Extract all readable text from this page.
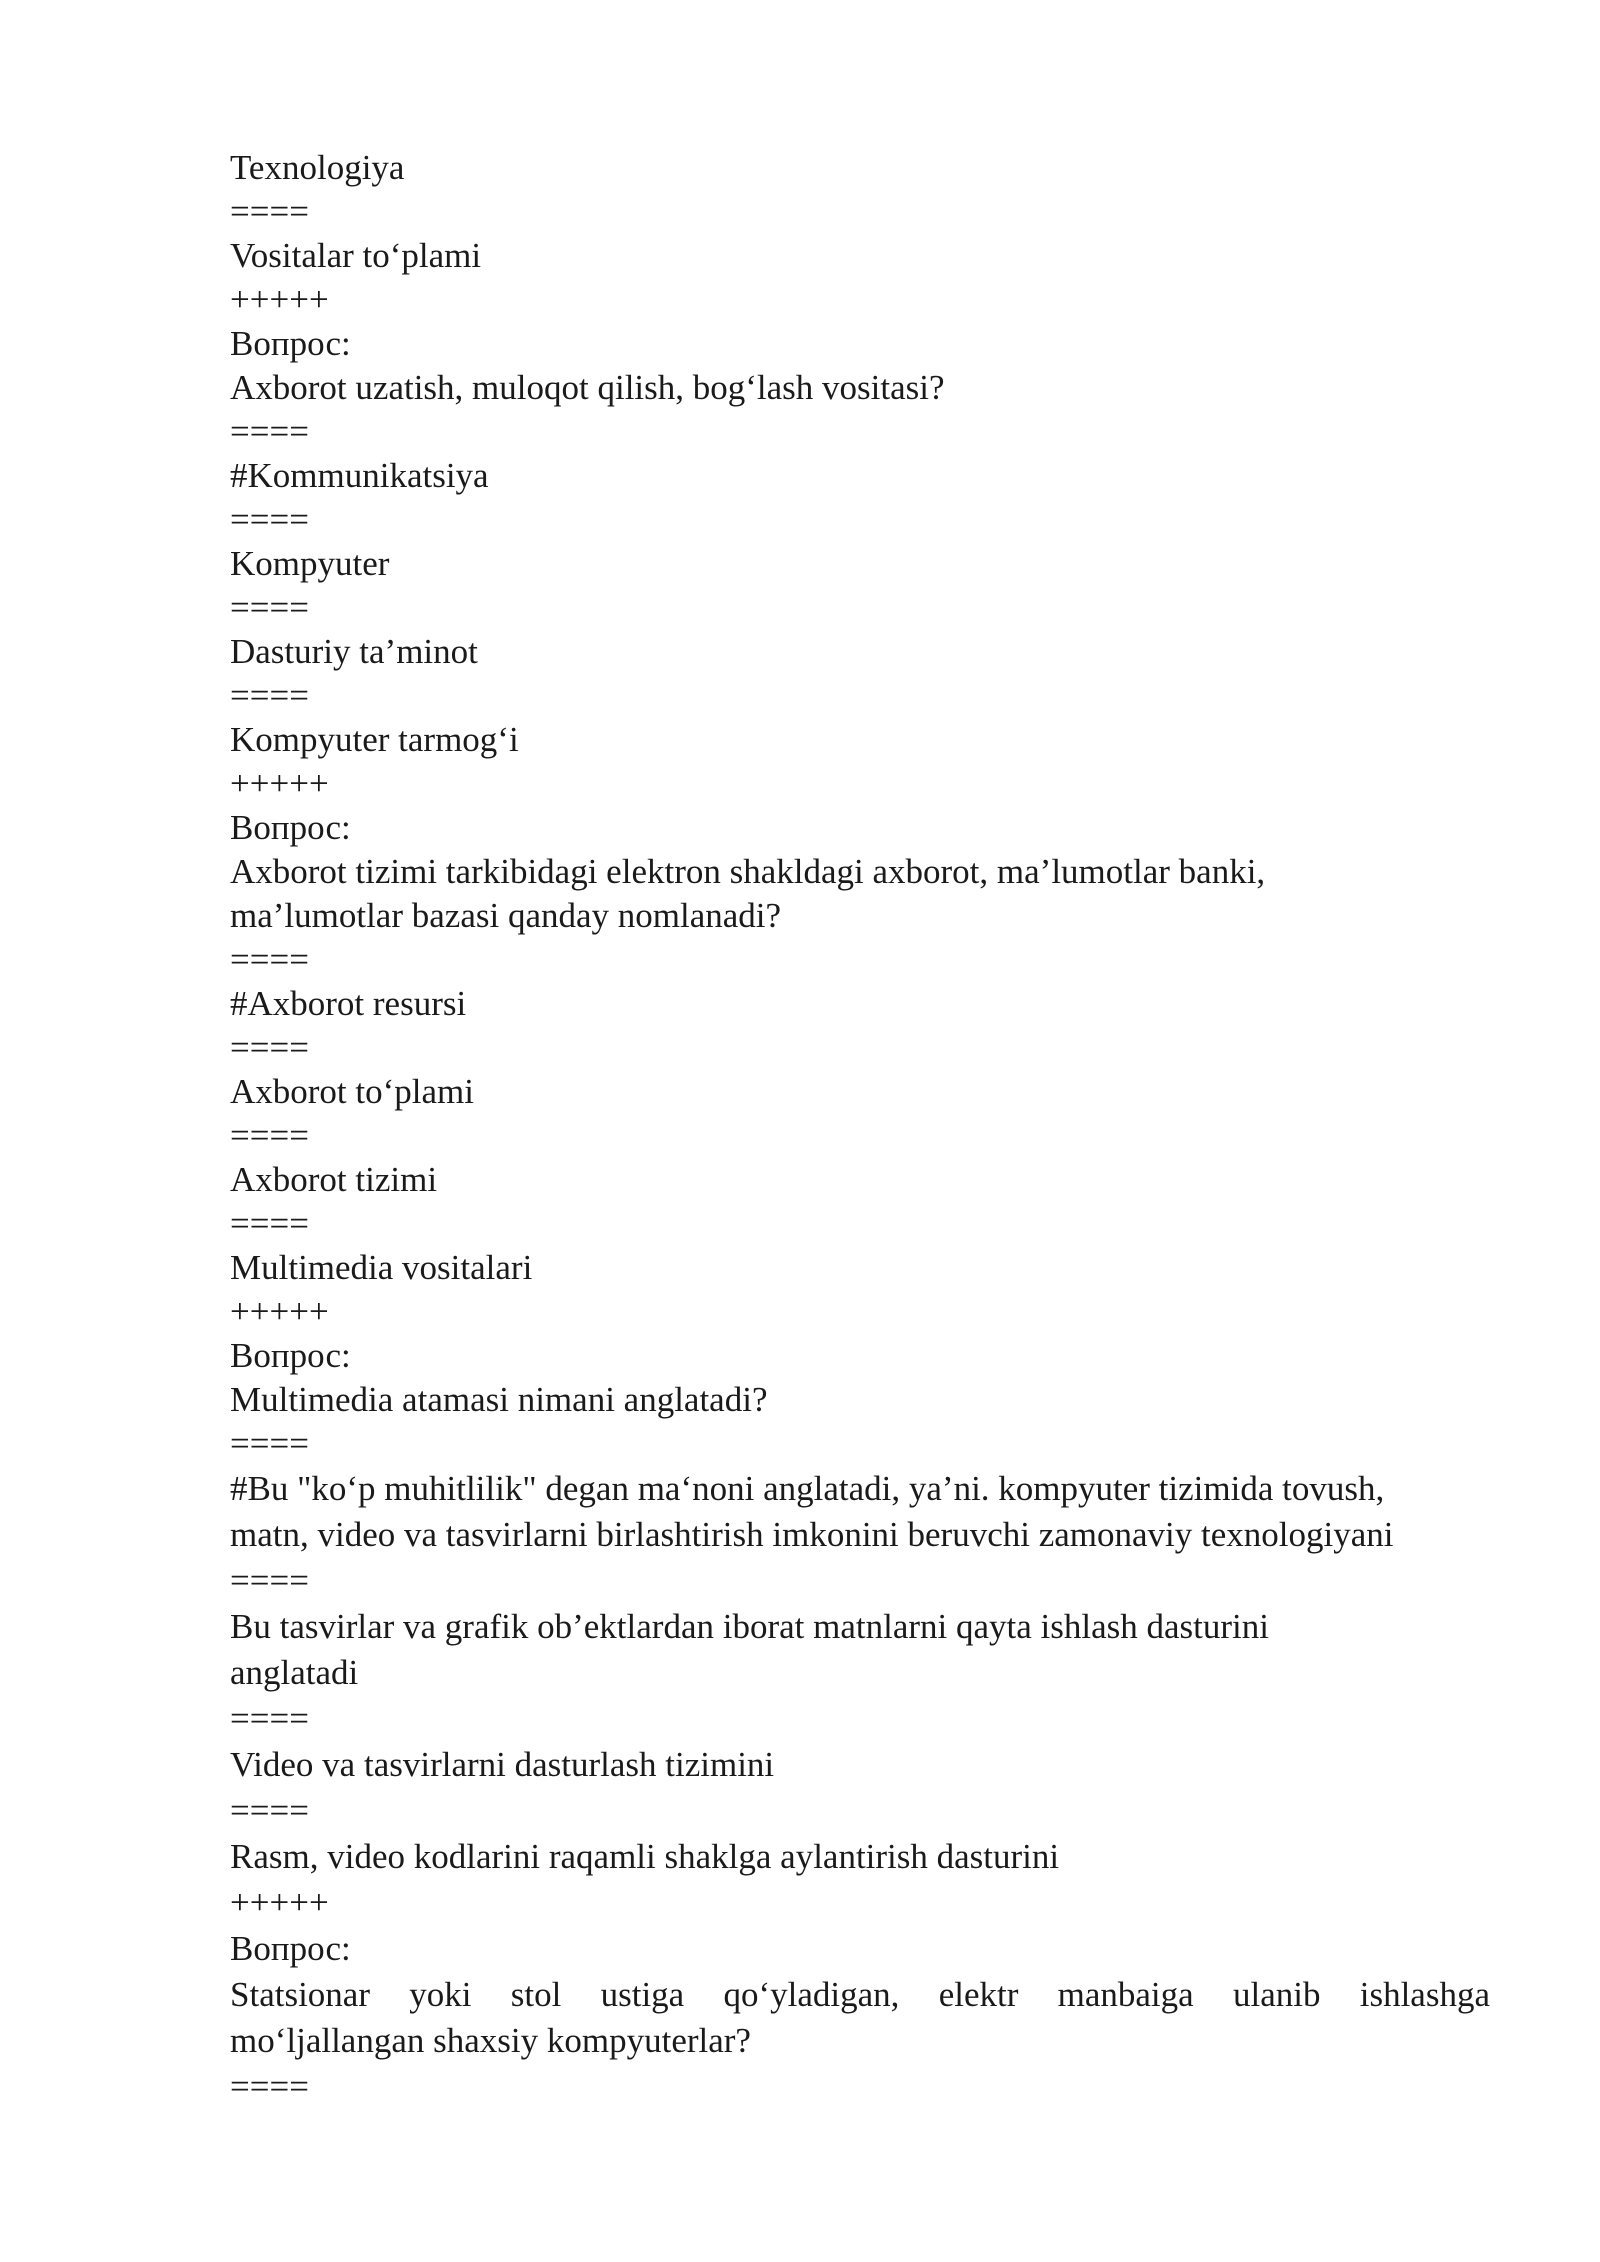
Texnologiya
====
Vositalar to‘plami
+++++
Вопрос:
Axborot uzatish, muloqot qilish, bog‘lash vositasi?
====
#Kommunikatsiya
====
Kompyuter
====
Dasturiy ta’minot
====
Kompyuter tarmog‘i
+++++
Вопрос:
Axborot tizimi tarkibidagi elektron shakldagi axborot, ma’lumotlar banki,
ma’lumotlar bazasi qanday nomlanadi?
====
#Axborot resursi
====
Axborot to‘plami
====
Axborot tizimi
====
Multimedia vositalari
+++++
Вопрос:
Multimedia atamasi nimani anglatadi?
====
#Bu "ko‘p muhitlilik" degan ma‘noni anglatadi, ya’ni. kompyuter tizimida tovush,
matn, video va tasvirlarni birlashtirish imkonini beruvchi zamonaviy texnologiyani
====
Bu tasvirlar va grafik ob’ektlardan iborat matnlarni qayta ishlash dasturini
anglatadi
====
Video va tasvirlarni dasturlash tizimini
====
Rasm, video kodlarini raqamli shaklga aylantirish dasturini
+++++
Вопрос:
Statsionar yoki stol ustiga qo‘yladigan, elektr manbaiga ulanib ishlashga
mo‘ljallangan shaxsiy kompyuterlar?
====
